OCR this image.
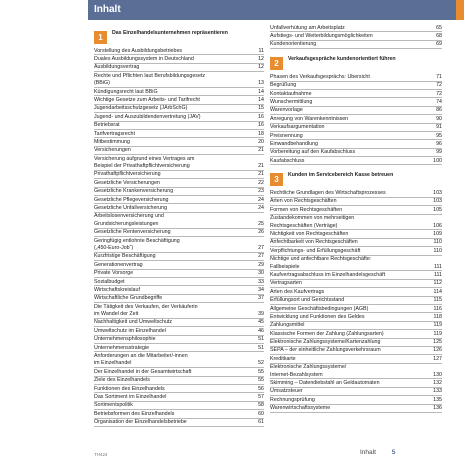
Inhalt
1	Das Einzelhandelsunternehmen repräsentieren
Vorstellung des Ausbildungsbetriebes	11
Duales Ausbildungssystem in Deutschland	12
Ausbildungsvertrag	12
Rechte und Pflichten laut Berufsbildungsgesetz
(BBiG)	13
Kündigungsrecht laut BBiG	14
Wichtige Gesetze zum Arbeits- und Tarifrecht	14
Jugendarbeitsschutzgesetz (JArbSchG)	15
Jugend- und Auszubildendenvertretung (JAV)	16
Betriebsrat	16
Tarifvertragsrecht	18
Mitbestimmung	20
Versicherungen	21
Versicherung aufgrund eines Vertrages am
Beispiel der Privathaftpflichtversicherung	21
Privathaftpflichtversicherung	21
Gesetzliche Versicherungen	22
Gesetzliche Krankenversicherung	23
Gesetzliche Pflegeversicherung	24
Gesetzliche Unfallversicherung	24
Arbeitslosenversicherung und
Grundsicherungsleistungen	25
Gesetzliche Rentenversicherung	26
Geringfügig entlohnte Beschäftigung
(„450-Euro-Job“)	27
Kurzfristige Beschäftigung	27
Generationenvertrag	29
Private Vorsorge	30
Sozialbudget	33
Wirtschaftskreislauf	34
Wirtschaftliche Grundbegriffe	37
Die Tätigkeit des Verkaufen, der Verkäuferin
im Wandel der Zeit	39
Nachhaltigkeit und Umweltschutz	45
Umweltschutz im Einzelhandel	46
Unternehmensphilosophie	51
Unternehmensstrategie	51
Anforderungen an die Mitarbeiter/-innen
im Einzelhandel	52
Der Einzelhandel in der Gesamtwirtschaft	55
Ziele des Einzelhandels	55
Funktionen des Einzelhandels	56
Das Sortiment im Einzelhandel	57
Sortimentspolitik	58
Betriebsformen des Einzelhandels	60
Organisation der Einzelhandelsbetriebe	61
Unfallverhütung am Arbeitsplatz	65
Aufstiegs- und Weiterbildungsmöglichkeiten	68
Kundenorientierung	69
2	Verkaufsgespräche kundenorientiert führen
Phasen des Verkaufsgesprächs: Übersicht	71
Begrüßung	72
Kontaktaufnahme	72
Wunschermittlung	74
Warenvorlage	86
Anregung von Warenkenntnissen	90
Verkaufsargumentation	91
Preisnennung	95
Einwandbehandlung	96
Vorbereitung auf den Kaufabschluss	99
Kaufabschluss	100
3	Kunden im Servicebereich Kasse betreuen
Rechtliche Grundlagen des Wirtschaftsprozesses	103
Arten von Rechtsgeschäften	103
Formen von Rechtsgeschäften	105
Zustandekommen von mehrseitigen
Rechtsgeschäften (Verträge)	106
Nichtigkeit von Rechtsgeschäften	109
Anfechtbarkeit von Rechtsgeschäften	110
Verpflichtungs- und Erfüllungsgeschäft	110
Nichtige und anfechtbare Rechtsgeschäfte:
Fallbeispiele	111
Kaufvertragsabschluss im Einzelhandelsgeschäft	111
Vertragsarten	112
Arten des Kaufvertrags	114
Erfüllungsort und Gerichtsstand	115
Allgemeine Geschäftsbedingungen (AGB)	116
Entwicklung und Funktionen des Geldes	118
Zahlungsmittel	119
Klassische Formen der Zahlung (Zahlungsarten)	119
Elektronische Zahlungssysteme/Kartenzahlung	125
SEPA – der einheitliche Zahlungsverkehrsraum	126
Kreditkarte	127
Elektronische Zahlungssysteme/
Internet-Bezahlsystem	130
Skimming – Datendiebstahl an Geldautomaten	132
Umsatzsteuer	133
Rechnungsprüfung	135
Warenwirtschaftssysteme	136
TH424	Inhalt 5
